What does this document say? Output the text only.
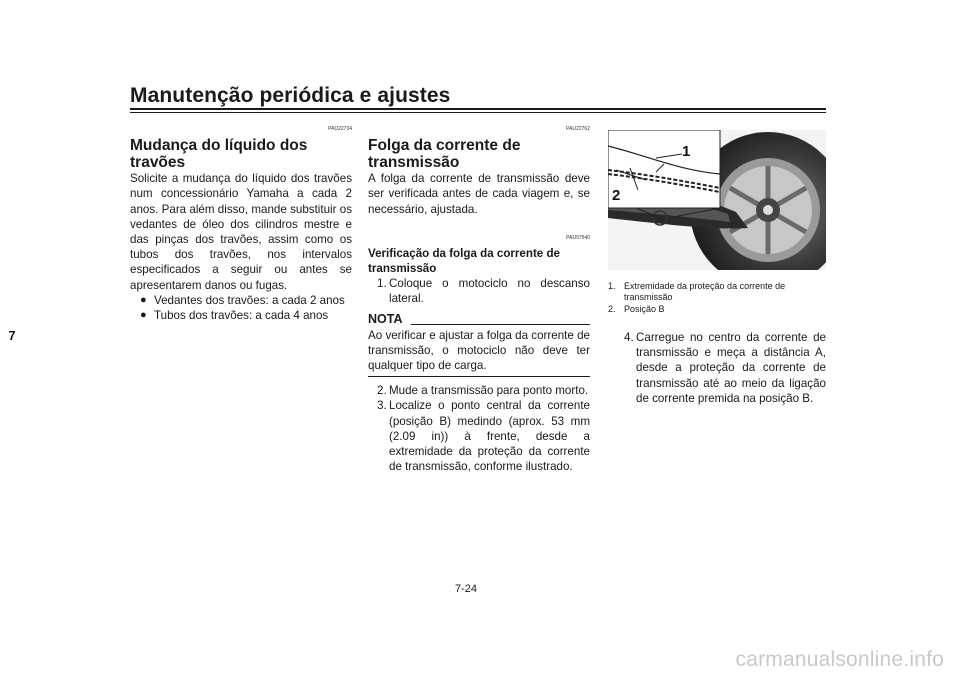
Manutenção periódica e ajustes
7
PAU22734
Mudança do líquido dos travões

Solicite a mudança do líquido dos travões num concessionário Yamaha a cada 2 anos. Para além disso, mande substituir os vedantes de óleo dos cilindros mestre e das pinças dos travões, assim como os tubos dos travões, nos intervalos especificados a seguir ou antes se apresentarem danos ou fugas.

● Vedantes dos travões: a cada 2 anos
● Tubos dos travões: a cada 4 anos
PAU22762
Folga da corrente de transmissão

A folga da corrente de transmissão deve ser verificada antes de cada viagem e, se necessário, ajustada.

PAU97540
Verificação da folga da corrente de transmissão
1. Coloque o motociclo no descanso lateral.
NOTA

Ao verificar e ajustar a folga da corrente de transmissão, o motociclo não deve ter qualquer tipo de carga.

2. Mude a transmissão para ponto morto.
3. Localize o ponto central da corrente (posição B) medindo (aprox. 53 mm (2.09 in)) à frente, desde a extremidade da proteção da corrente de transmissão, conforme ilustrado.
1
2
1. Extremidade da proteção da corrente de transmissão
2. Posição B
4. Carregue no centro da corrente de transmissão e meça a distância A, desde a proteção da corrente de transmissão até ao meio da ligação de corrente premida na posição B.
7-24
carmanualsonline.info
